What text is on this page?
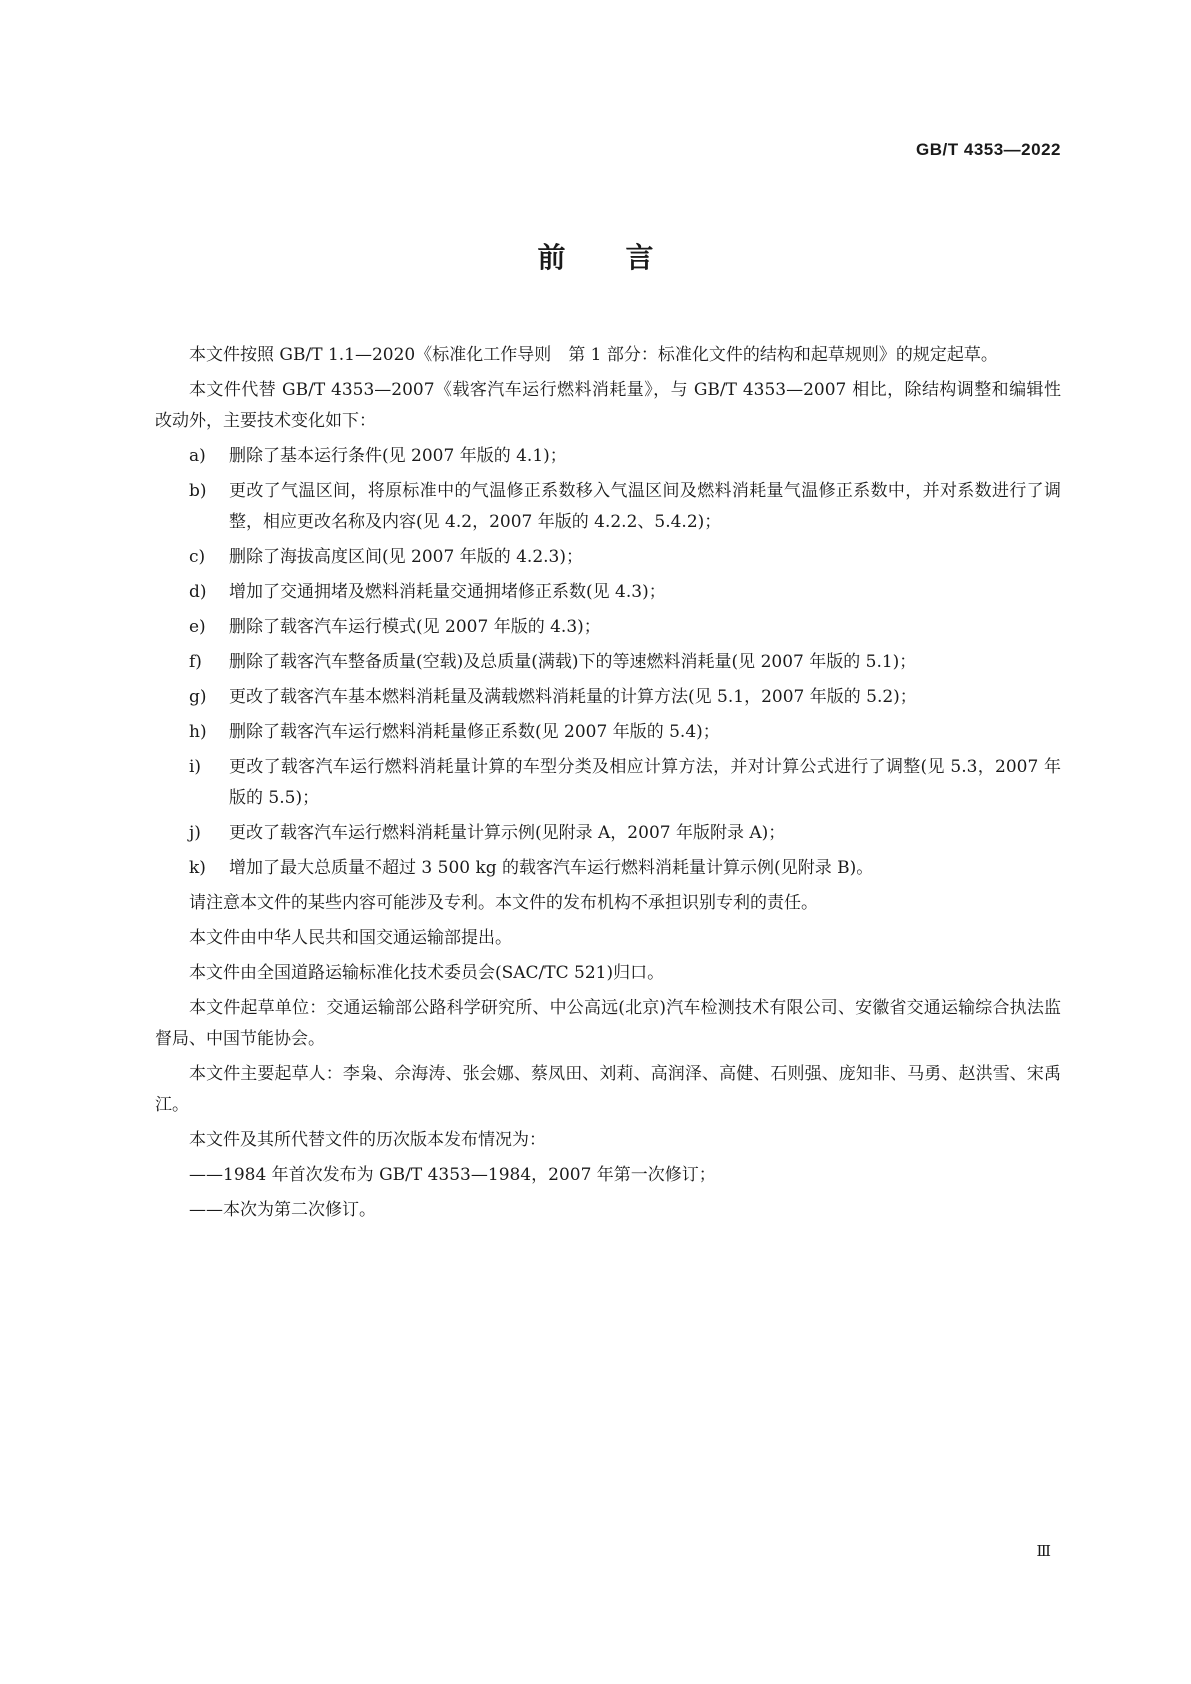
GB/T 4353—2022
前言

本文件按照 GB/T 1.1—2020《标准化工作导则　第 1 部分：标准化文件的结构和起草规则》的规定起草。

本文件代替 GB/T 4353—2007《载客汽车运行燃料消耗量》，与 GB/T 4353—2007 相比，除结构调整和编辑性改动外，主要技术变化如下：

a)	删除了基本运行条件(见 2007 年版的 4.1)；
b)	更改了气温区间，将原标准中的气温修正系数移入气温区间及燃料消耗量气温修正系数中，并对系数进行了调整，相应更改名称及内容(见 4.2，2007 年版的 4.2.2、5.4.2)；
c)	删除了海拔高度区间(见 2007 年版的 4.2.3)；
d)	增加了交通拥堵及燃料消耗量交通拥堵修正系数(见 4.3)；
e)	删除了载客汽车运行模式(见 2007 年版的 4.3)；
f)	删除了载客汽车整备质量(空载)及总质量(满载)下的等速燃料消耗量(见 2007 年版的 5.1)；
g)	更改了载客汽车基本燃料消耗量及满载燃料消耗量的计算方法(见 5.1，2007 年版的 5.2)；
h)	删除了载客汽车运行燃料消耗量修正系数(见 2007 年版的 5.4)；
i)	更改了载客汽车运行燃料消耗量计算的车型分类及相应计算方法，并对计算公式进行了调整(见 5.3，2007 年版的 5.5)；
j)	更改了载客汽车运行燃料消耗量计算示例(见附录 A，2007 年版附录 A)；
k)	增加了最大总质量不超过 3 500 kg 的载客汽车运行燃料消耗量计算示例(见附录 B)。

请注意本文件的某些内容可能涉及专利。本文件的发布机构不承担识别专利的责任。

本文件由中华人民共和国交通运输部提出。

本文件由全国道路运输标准化技术委员会(SAC/TC 521)归口。

本文件起草单位：交通运输部公路科学研究所、中公高远(北京)汽车检测技术有限公司、安徽省交通运输综合执法监督局、中国节能协会。

本文件主要起草人：李枭、佘海涛、张会娜、蔡凤田、刘莉、高润泽、高健、石则强、庞知非、马勇、赵洪雪、宋禹江。

本文件及其所代替文件的历次版本发布情况为：

——1984 年首次发布为 GB/T 4353—1984，2007 年第一次修订；
——本次为第二次修订。
Ⅲ
